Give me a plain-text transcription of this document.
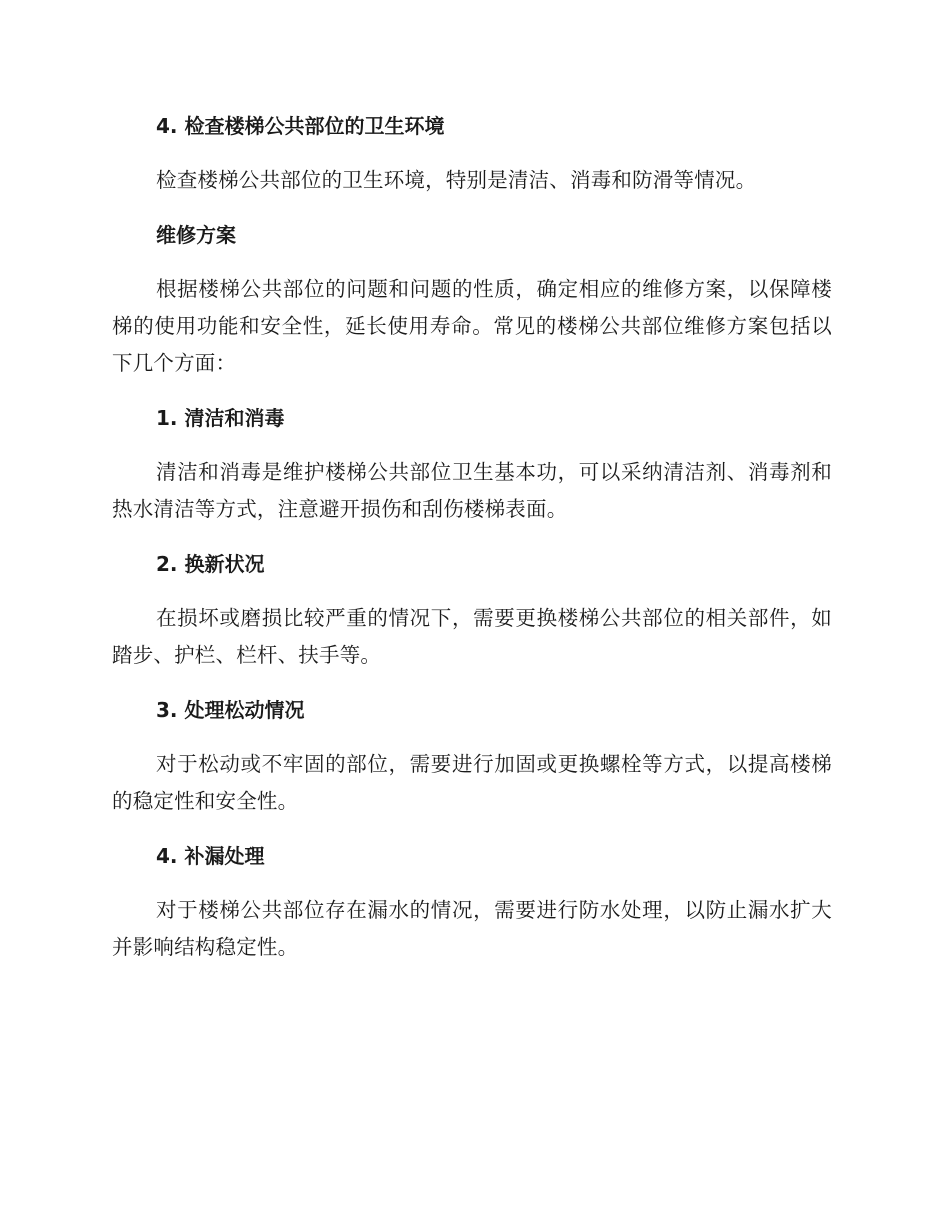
4. 检查楼梯公共部位的卫生环境

检查楼梯公共部位的卫生环境，特别是清洁、消毒和防滑等情况。

维修方案

根据楼梯公共部位的问题和问题的性质，确定相应的维修方案，以保障楼梯的使用功能和安全性，延长使用寿命。常见的楼梯公共部位维修方案包括以下几个方面：

1. 清洁和消毒

清洁和消毒是维护楼梯公共部位卫生基本功，可以采纳清洁剂、消毒剂和热水清洁等方式，注意避开损伤和刮伤楼梯表面。

2. 换新状况

在损坏或磨损比较严重的情况下，需要更换楼梯公共部位的相关部件，如踏步、护栏、栏杆、扶手等。

3. 处理松动情况

对于松动或不牢固的部位，需要进行加固或更换螺栓等方式，以提高楼梯的稳定性和安全性。

4. 补漏处理

对于楼梯公共部位存在漏水的情况，需要进行防水处理，以防止漏水扩大并影响结构稳定性。
